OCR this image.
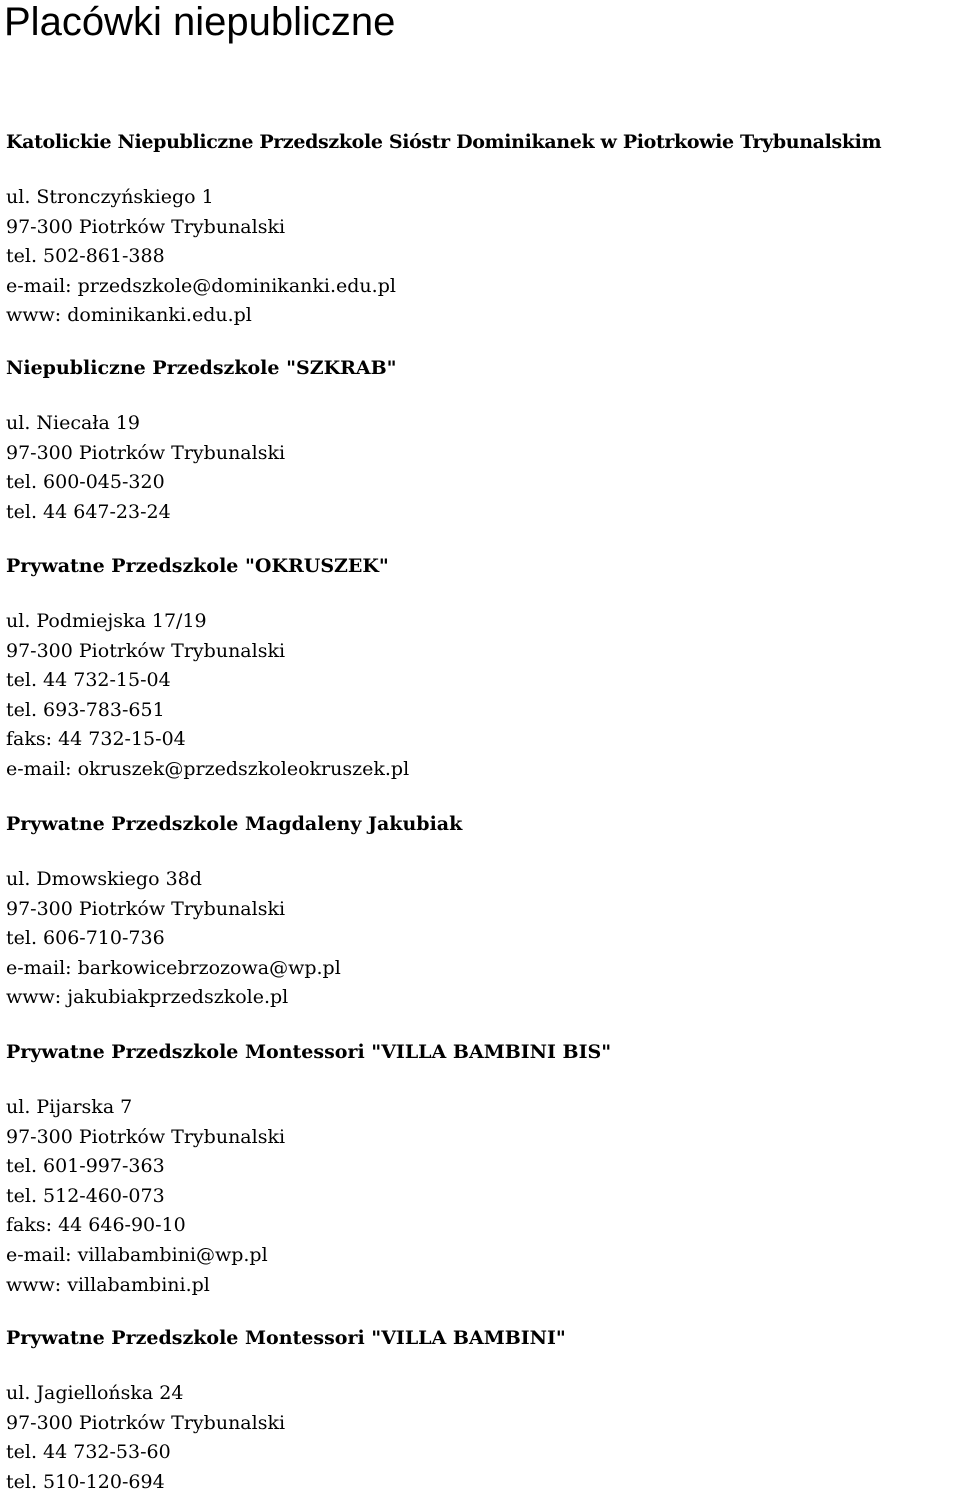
Placówki niepubliczne
Katolickie Niepubliczne Przedszkole Sióstr Dominikanek w Piotrkowie Trybunalskim
ul. Stronczyńskiego 1
97-300 Piotrków Trybunalski
tel. 502-861-388
e-mail: przedszkole@dominikanki.edu.pl
www: dominikanki.edu.pl
Niepubliczne Przedszkole "SZKRAB"
ul. Niecała 19
97-300 Piotrków Trybunalski
tel. 600-045-320
tel. 44 647-23-24
Prywatne Przedszkole "OKRUSZEK"
ul. Podmiejska 17/19
97-300 Piotrków Trybunalski
tel. 44 732-15-04
tel. 693-783-651
faks: 44 732-15-04
e-mail: okruszek@przedszkoleokruszek.pl
Prywatne Przedszkole Magdaleny Jakubiak
ul. Dmowskiego 38d
97-300 Piotrków Trybunalski
tel. 606-710-736
e-mail: barkowicebrzozowa@wp.pl
www: jakubiakprzedszkole.pl
Prywatne Przedszkole Montessori "VILLA BAMBINI BIS"
ul. Pijarska 7
97-300 Piotrków Trybunalski
tel. 601-997-363
tel. 512-460-073
faks: 44 646-90-10
e-mail: villabambini@wp.pl
www: villabambini.pl
Prywatne Przedszkole Montessori "VILLA BAMBINI"
ul. Jagiellońska 24
97-300 Piotrków Trybunalski
tel. 44 732-53-60
tel. 510-120-694
